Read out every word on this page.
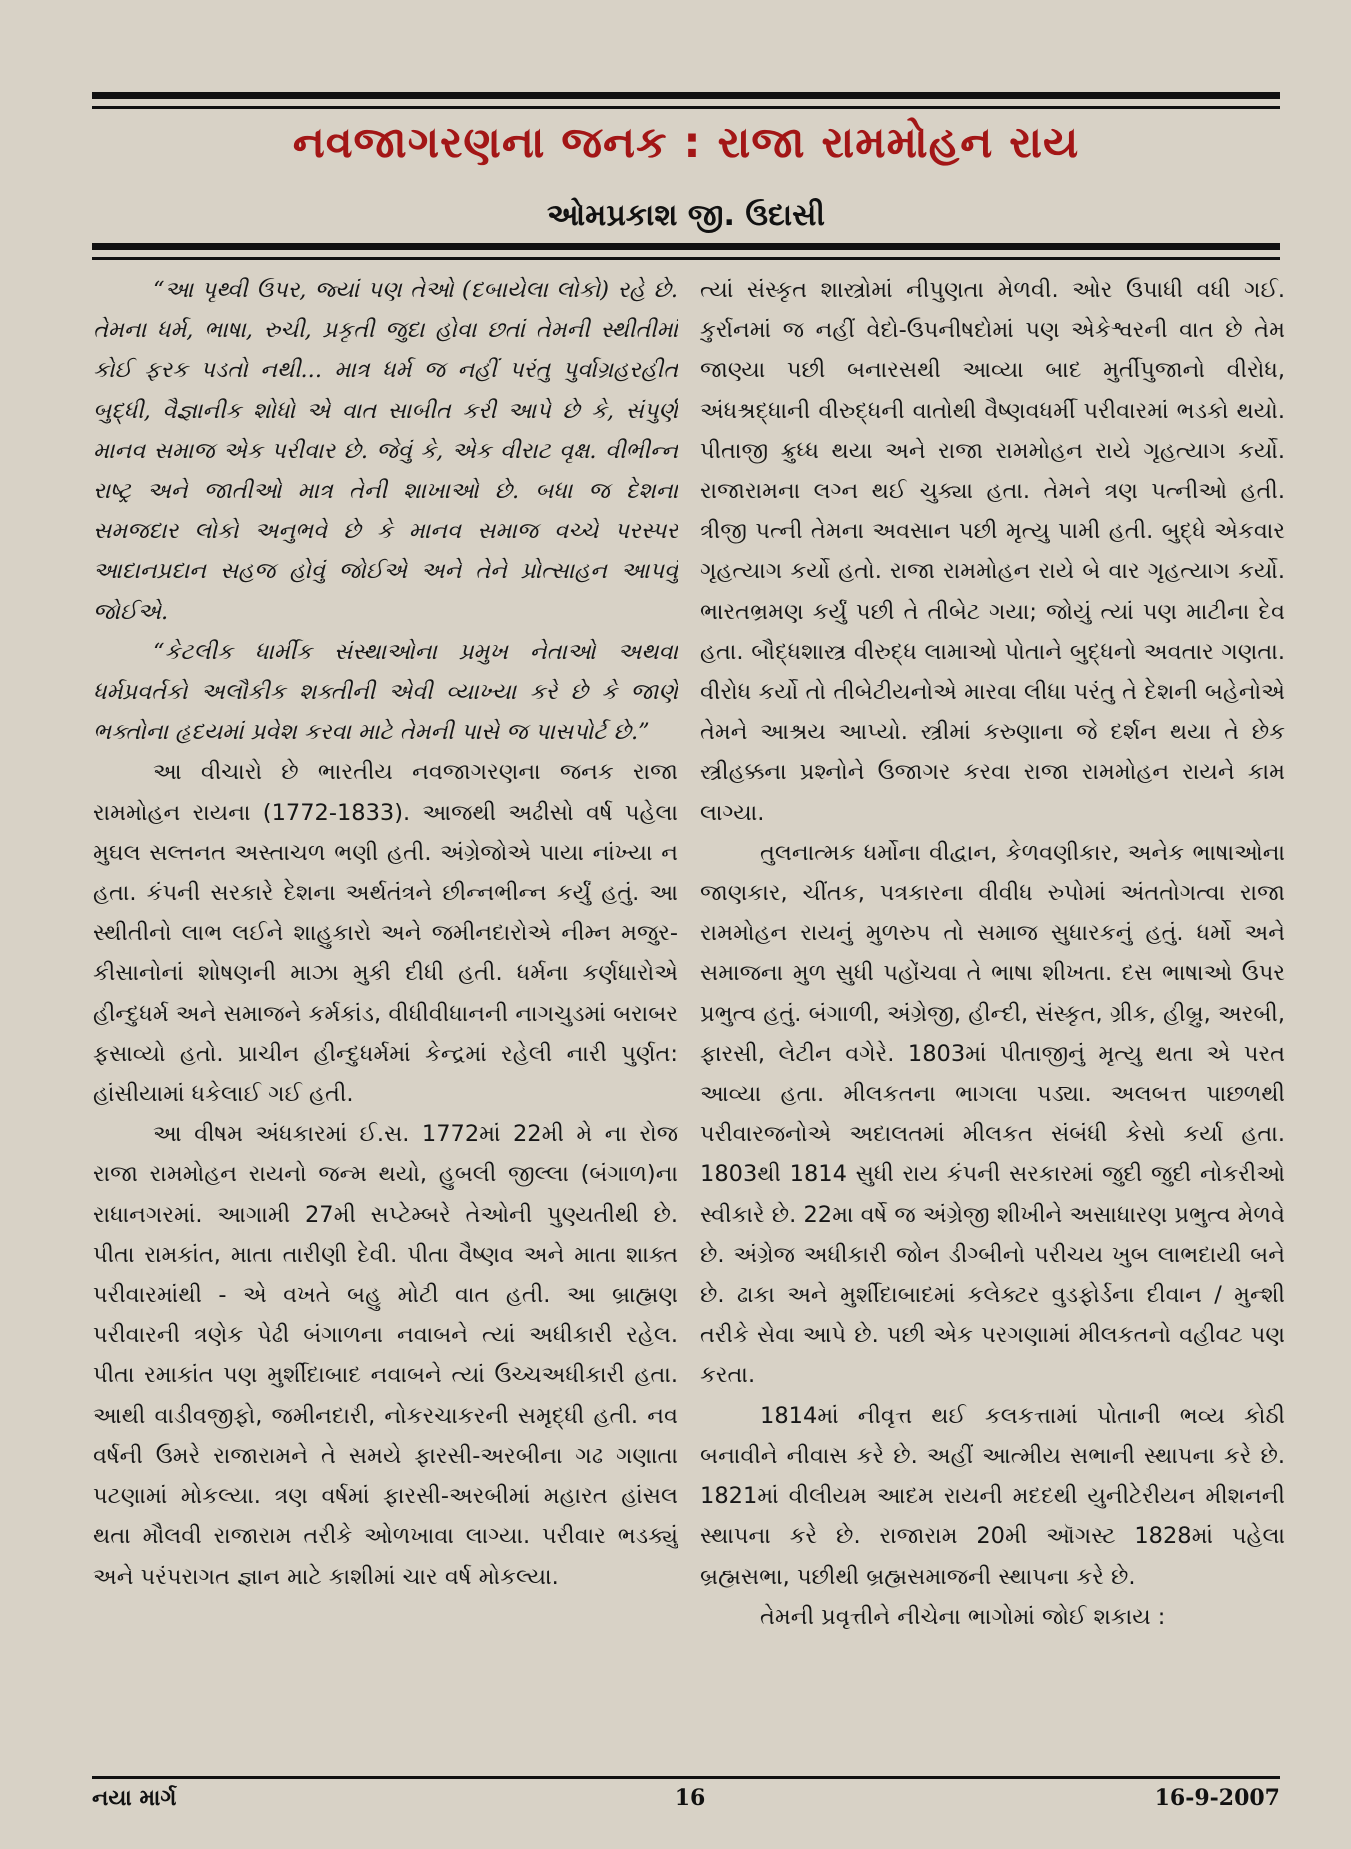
નવજાગરણના જનક : રાજા રામમોહન રાય
ઓમપ્રકાશ જી. ઉદાસી

“આ પૃથ્વી ઉપર, જ્યાં પણ તેઓ (દબાયેલા લોકો) રહે છે. તેમના ધર્મ, ભાષા, રુચી, પ્રકૃતી જુદા હોવા છતાં તેમની સ્થીતીમાં કોઈ ફરક પડતો નથી... માત્ર ધર્મ જ નહીં પરંતુ પુર્વાગ્રહરહીત બુદ્ધી, વૈજ્ઞાનીક શોધો એ વાત સાબીત કરી આપે છે કે, સંપુર્ણ માનવ સમાજ એક પરીવાર છે. જેવું કે, એક વીરાટ વૃક્ષ. વીભીન્ન રાષ્ટ્ર અને જાતીઓ માત્ર તેની શાખાઓ છે. બધા જ દેશના સમજદાર લોકો અનુભવે છે કે માનવ સમાજ વચ્ચે પરસ્પર આદાનપ્રદાન સહજ હોવું જોઈએ અને તેને પ્રોત્સાહન આપવું જોઈએ.

“કેટલીક ધાર્મીક સંસ્થાઓના પ્રમુખ નેતાઓ અથવા ધર્મપ્રવર્તકો અલૌકીક શક્તીની એવી વ્યાખ્યા કરે છે કે જાણે ભક્તોના હૃદયમાં પ્રવેશ કરવા માટે તેમની પાસે જ પાસપોર્ટ છે.”

આ વીચારો છે ભારતીય નવજાગરણના જનક રાજા રામમોહન રાયના (1772-1833). આજથી અઢીસો વર્ષ પહેલા મુઘલ સલ્તનત અસ્તાચળ ભણી હતી. અંગ્રેજોએ પાયા નાંખ્યા ન હતા. કંપની સરકારે દેશના અર્થતંત્રને છીન્નભીન્ન કર્યું હતું. આ સ્થીતીનો લાભ લઈને શાહુકારો અને જમીનદારોએ નીમ્ન મજુર-કીસાનોનાં શોષણની માઝા મુકી દીધી હતી. ધર્મના કર્ણધારોએ હીન્દુધર્મ અને સમાજને કર્મકાંડ, વીધીવીધાનની નાગચુડમાં બરાબર ફસાવ્યો હતો. પ્રાચીન હીન્દુધર્મમાં કેન્દ્રમાં રહેલી નારી પુર્ણત: હાંસીયામાં ધકેલાઈ ગઈ હતી.

આ વીષમ અંધકારમાં ઈ.સ. 1772માં 22મી મે ના રોજ રાજા રામમોહન રાયનો જન્મ થયો, હુબલી જીલ્લા (બંગાળ)ના રાધાનગરમાં. આગામી 27મી સપ્ટેમ્બરે તેઓની પુણ્યતીથી છે. પીતા રામકાંત, માતા તારીણી દેવી. પીતા વૈષ્ણવ અને માતા શાક્ત પરીવારમાંથી - એ વખતે બહુ મોટી વાત હતી. આ બ્રાહ્મણ પરીવારની ત્રણેક પેઢી બંગાળના નવાબને ત્યાં અધીકારી રહેલ. પીતા રમાકાંત પણ મુર્શીદાબાદ નવાબને ત્યાં ઉચ્ચઅધીકારી હતા. આથી વાડીવજીફો, જમીનદારી, નોકરચાકરની સમૃદ્ધી હતી. નવ વર્ષની ઉમરે રાજારામને તે સમયે ફારસી-અરબીના ગઢ ગણાતા પટણામાં મોકલ્યા. ત્રણ વર્ષમાં ફારસી-અરબીમાં મહારત હાંસલ થતા મૌલવી રાજારામ તરીકે ઓળખાવા લાગ્યા. પરીવાર ભડક્યું અને પરંપરાગત જ્ઞાન માટે કાશીમાં ચાર વર્ષ મોકલ્યા.

ત્યાં સંસ્કૃત શાસ્ત્રોમાં નીપુણતા મેળવી. ઓર ઉપાધી વધી ગઈ. કુર્રાનમાં જ નહીં વેદો-ઉપનીષદોમાં પણ એકેશ્વરની વાત છે તેમ જાણ્યા પછી બનારસથી આવ્યા બાદ મુર્તીપુજાનો વીરોધ, અંધશ્રદ્ધાની વીરુદ્ધની વાતોથી વૈષ્ણવધર્મી પરીવારમાં ભડકો થયો. પીતાજી ક્રુધ્ધ થયા અને રાજા રામમોહન રાયે ગૃહત્યાગ કર્યો. રાજારામના લગ્ન થઈ ચુક્યા હતા. તેમને ત્રણ પત્નીઓ હતી. ત્રીજી પત્ની તેમના અવસાન પછી મૃત્યુ પામી હતી. બુદ્ધે એકવાર ગૃહત્યાગ કર્યો હતો. રાજા રામમોહન રાયે બે વાર ગૃહત્યાગ કર્યો. ભારતભ્રમણ કર્યું પછી તે તીબેટ ગયા; જોયું ત્યાં પણ માટીના દેવ હતા. બૌદ્ધશાસ્ત્ર વીરુદ્ધ લામાઓ પોતાને બુદ્ધનો અવતાર ગણતા. વીરોધ કર્યો તો તીબેટીયનોએ મારવા લીધા પરંતુ તે દેશની બહેનોએ તેમને આશ્રય આપ્યો. સ્ત્રીમાં કરુણાના જે દર્શન થયા તે છેક સ્ત્રીહક્કના પ્રશ્નોને ઉજાગર કરવા રાજા રામમોહન રાયને કામ લાગ્યા.

તુલનાત્મક ધર્મોના વીદ્વાન, કેળવણીકાર, અનેક ભાષાઓના જાણકાર, ચીંતક, પત્રકારના વીવીધ રુપોમાં અંતતોગત્વા રાજા રામમોહન રાયનું મુળરુપ તો સમાજ સુધારકનું હતું. ધર્મો અને સમાજના મુળ સુધી પહોંચવા તે ભાષા શીખતા. દસ ભાષાઓ ઉપર પ્રભુત્વ હતું. બંગાળી, અંગ્રેજી, હીન્દી, સંસ્કૃત, ગ્રીક, હીબ્રુ, અરબી, ફારસી, લેટીન વગેરે. 1803માં પીતાજીનું મૃત્યુ થતા એ પરત આવ્યા હતા. મીલકતના ભાગલા પડ્યા. અલબત્ત પાછળથી પરીવારજનોએ અદાલતમાં મીલકત સંબંધી કેસો કર્યા હતા. 1803થી 1814 સુધી રાય કંપની સરકારમાં જુદી જુદી નોકરીઓ સ્વીકારે છે. 22મા વર્ષે જ અંગ્રેજી શીખીને અસાધારણ પ્રભુત્વ મેળવે છે. અંગ્રેજ અધીકારી જોન ડીગ્બીનો પરીચય ખુબ લાભદાયી બને છે. ઢાકા અને મુર્શીદાબાદમાં કલેક્ટર વુડફોર્ડના દીવાન / મુન્શી તરીકે સેવા આપે છે. પછી એક પરગણામાં મીલકતનો વહીવટ પણ કરતા.

1814માં નીવૃત્ત થઈ કલકત્તામાં પોતાની ભવ્ય કોઠી બનાવીને નીવાસ કરે છે. અહીં આત્મીય સભાની સ્થાપના કરે છે. 1821માં વીલીયમ આદમ રાયની મદદથી યુનીટેરીયન મીશનની સ્થાપના કરે છે. રાજારામ 20મી ઑગસ્ટ 1828માં પહેલા બ્રહ્મસભા, પછીથી બ્રહ્મસમાજની સ્થાપના કરે છે.

તેમની પ્રવૃત્તીને નીચેના ભાગોમાં જોઈ શકાય :

નયા માર્ગ	16	16-9-2007
